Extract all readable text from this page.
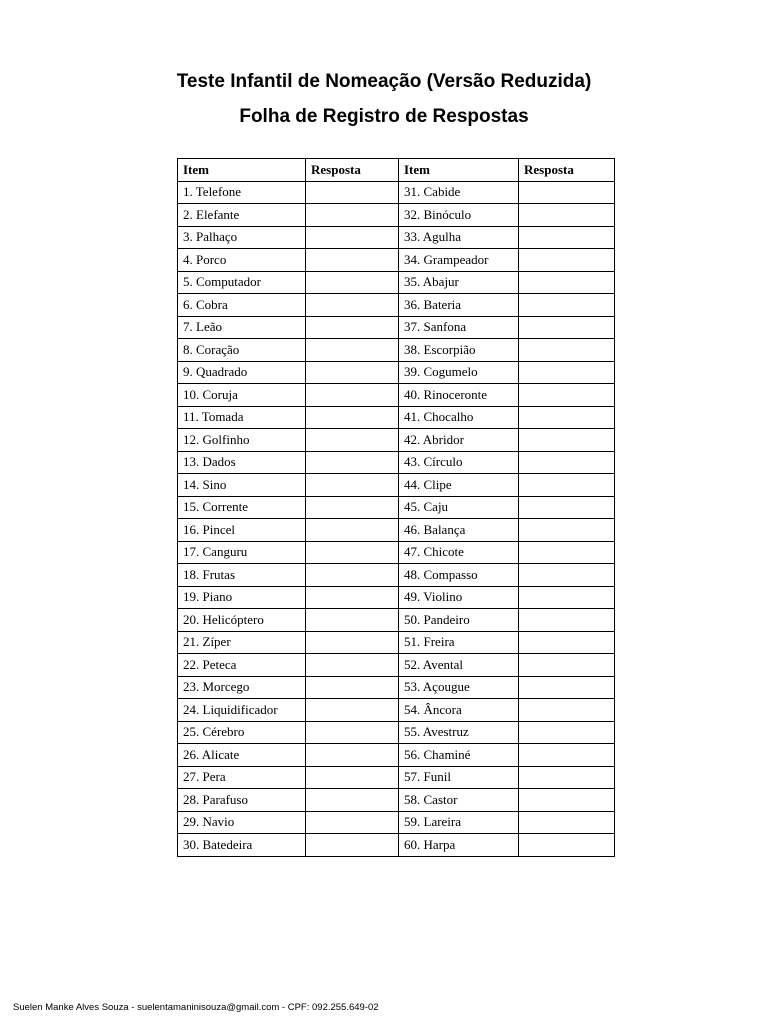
Teste Infantil de Nomeação (Versão Reduzida)
Folha de Registro de Respostas
Item	Resposta	Item	Resposta
1. Telefone		31. Cabide	
2. Elefante		32. Binóculo	
3. Palhaço		33. Agulha	
4. Porco		34. Grampeador	
5. Computador		35. Abajur	
6. Cobra		36. Bateria	
7. Leão		37. Sanfona	
8. Coração		38. Escorpião	
9. Quadrado		39. Cogumelo	
10. Coruja		40. Rinoceronte	
11. Tomada		41. Chocalho	
12. Golfinho		42. Abridor	
13. Dados		43. Círculo	
14. Sino		44. Clipe	
15. Corrente		45. Caju	
16. Pincel		46. Balança	
17. Canguru		47. Chicote	
18. Frutas		48. Compasso	
19. Piano		49. Violino	
20. Helicóptero		50. Pandeiro	
21. Zíper		51. Freira	
22. Peteca		52. Avental	
23. Morcego		53. Açougue	
24. Liquidificador		54. Âncora	
25. Cérebro		55. Avestruz	
26. Alicate		56. Chaminé	
27. Pera		57. Funil	
28. Parafuso		58. Castor	
29. Navio		59. Lareira	
30. Batedeira		60. Harpa	
Suelen Manke Alves Souza - suelentamaninisouza@gmail.com - CPF: 092.255.649-02
